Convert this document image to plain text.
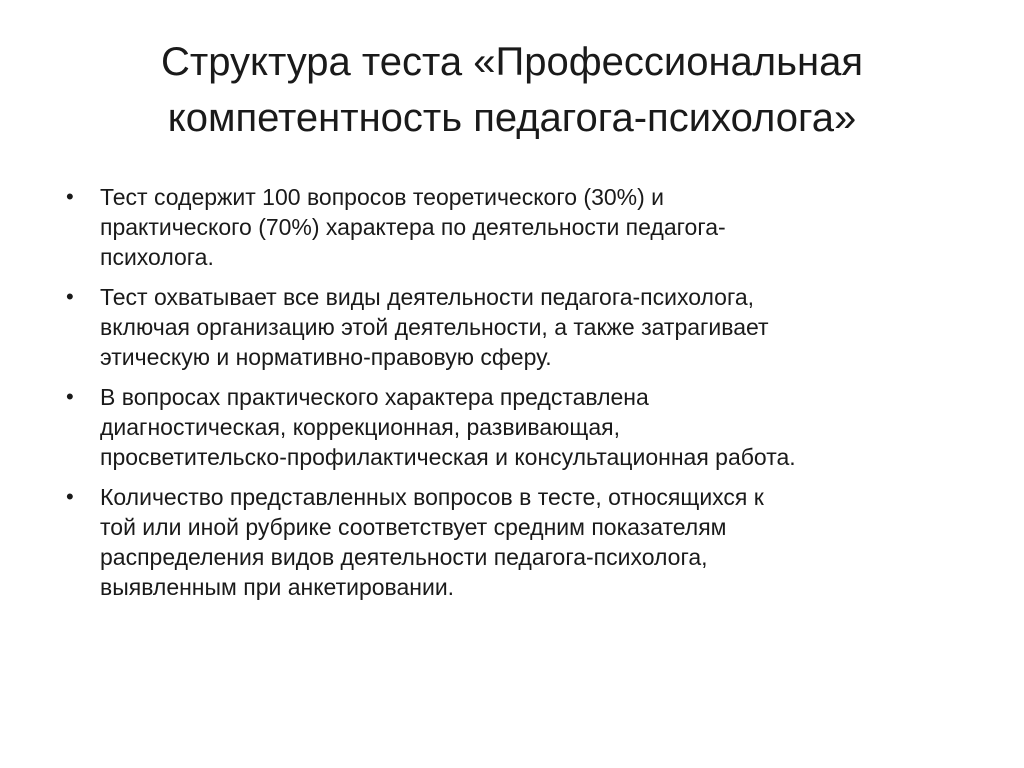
Структура теста «Профессиональная
компетентность педагога-психолога»
• Тест содержит 100 вопросов теоретического (30%) и
практического (70%) характера по деятельности педагога-
психолога.
• Тест охватывает все виды деятельности педагога-психолога,
включая организацию этой деятельности, а также затрагивает
этическую и нормативно-правовую сферу.
• В вопросах практического характера представлена
диагностическая, коррекционная, развивающая,
просветительско-профилактическая и консультационная работа.
• Количество представленных вопросов в тесте, относящихся к
той или иной рубрике соответствует средним показателям
распределения видов деятельности педагога-психолога,
выявленным при анкетировании.
